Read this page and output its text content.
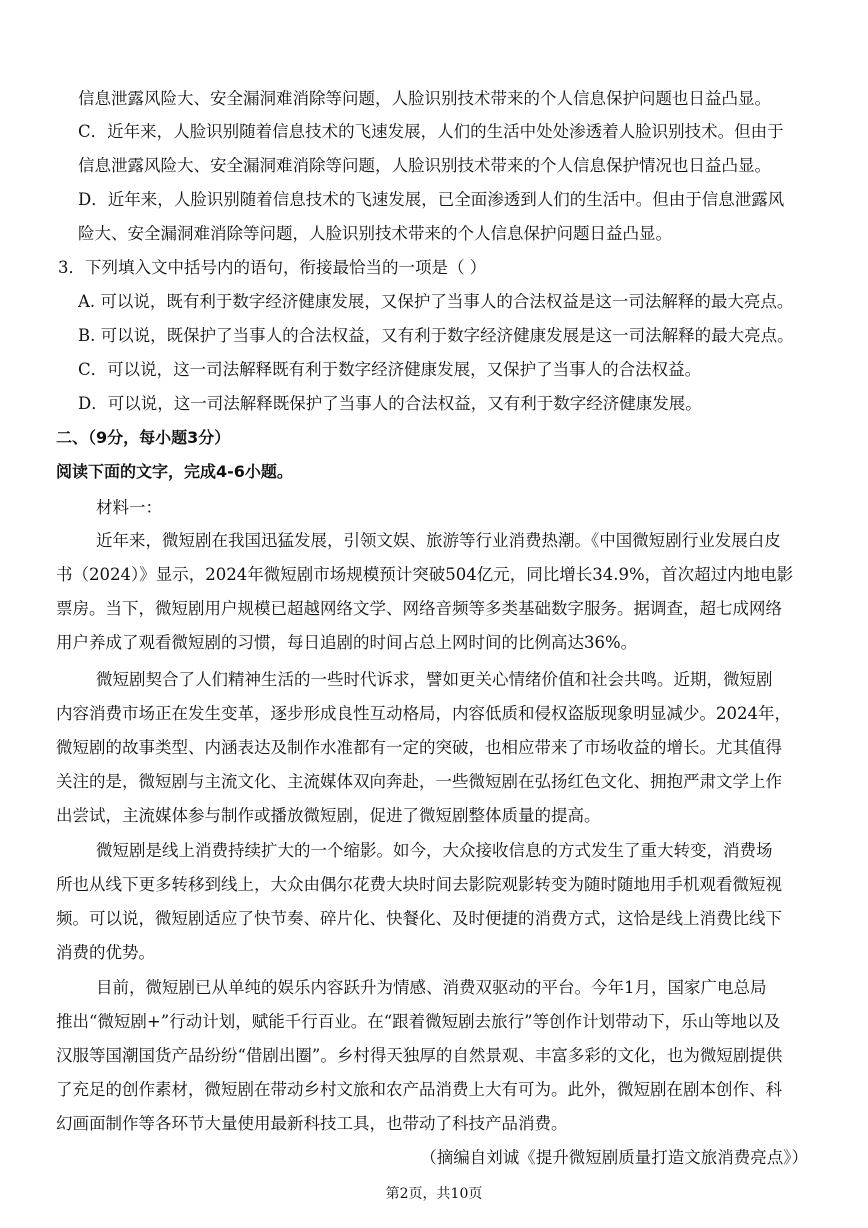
信息泄露风险大、安全漏洞难消除等问题，人脸识别技术带来的个人信息保护问题也日益凸显。
C．近年来，人脸识别随着信息技术的飞速发展，人们的生活中处处渗透着人脸识别技术。但由于
信息泄露风险大、安全漏洞难消除等问题，人脸识别技术带来的个人信息保护情况也日益凸显。
D．近年来，人脸识别随着信息技术的飞速发展，已全面渗透到人们的生活中。但由于信息泄露风
险大、安全漏洞难消除等问题，人脸识别技术带来的个人信息保护问题日益凸显。
3．下列填入文中括号内的语句，衔接最恰当的一项是（ ）
A. 可以说，既有利于数字经济健康发展，又保护了当事人的合法权益是这一司法解释的最大亮点。
B. 可以说，既保护了当事人的合法权益，又有利于数字经济健康发展是这一司法解释的最大亮点。
C．可以说，这一司法解释既有利于数字经济健康发展，又保护了当事人的合法权益。
D．可以说，这一司法解释既保护了当事人的合法权益，又有利于数字经济健康发展。
二、（9分，每小题3分）
阅读下面的文字，完成4-6小题。
材料一：
近年来，微短剧在我国迅猛发展，引领文娱、旅游等行业消费热潮。《中国微短剧行业发展白皮
书（2024）》显示，2024年微短剧市场规模预计突破504亿元，同比增长34.9%，首次超过内地电影
票房。当下，微短剧用户规模已超越网络文学、网络音频等多类基础数字服务。据调查，超七成网络
用户养成了观看微短剧的习惯，每日追剧的时间占总上网时间的比例高达36%。
微短剧契合了人们精神生活的一些时代诉求，譬如更关心情绪价值和社会共鸣。近期，微短剧
内容消费市场正在发生变革，逐步形成良性互动格局，内容低质和侵权盗版现象明显减少。2024年，
微短剧的故事类型、内涵表达及制作水准都有一定的突破，也相应带来了市场收益的增长。尤其值得
关注的是，微短剧与主流文化、主流媒体双向奔赴，一些微短剧在弘扬红色文化、拥抱严肃文学上作
出尝试，主流媒体参与制作或播放微短剧，促进了微短剧整体质量的提高。
微短剧是线上消费持续扩大的一个缩影。如今，大众接收信息的方式发生了重大转变，消费场
所也从线下更多转移到线上，大众由偶尔花费大块时间去影院观影转变为随时随地用手机观看微短视
频。可以说，微短剧适应了快节奏、碎片化、快餐化、及时便捷的消费方式，这恰是线上消费比线下
消费的优势。
目前，微短剧已从单纯的娱乐内容跃升为情感、消费双驱动的平台。今年1月，国家广电总局
推出“微短剧+”行动计划，赋能千行百业。在“跟着微短剧去旅行”等创作计划带动下，乐山等地以及
汉服等国潮国货产品纷纷“借剧出圈”。乡村得天独厚的自然景观、丰富多彩的文化，也为微短剧提供
了充足的创作素材，微短剧在带动乡村文旅和农产品消费上大有可为。此外，微短剧在剧本创作、科
幻画面制作等各环节大量使用最新科技工具，也带动了科技产品消费。
（摘编自刘诚《提升微短剧质量打造文旅消费亮点》）
第2页，共10页
